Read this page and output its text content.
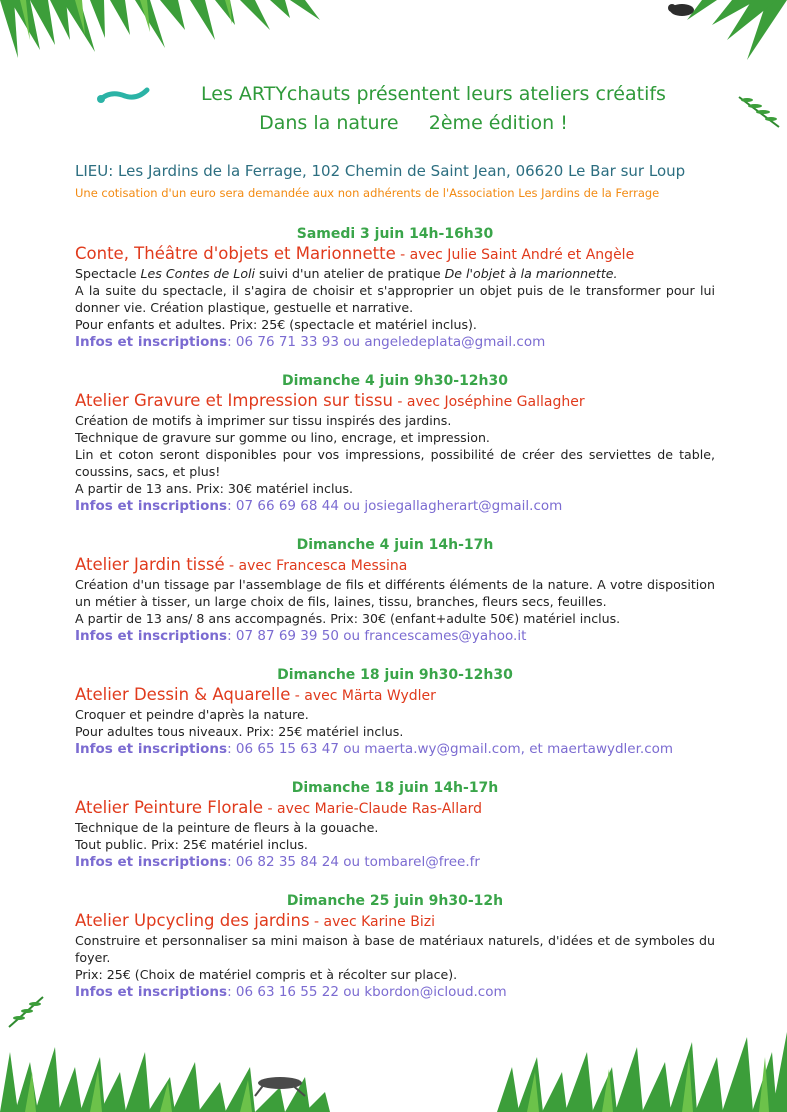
Les ARTYchauts présentent leurs ateliers créatifs
Dans la nature     2ème édition !
LIEU: Les Jardins de la Ferrage, 102 Chemin de Saint Jean, 06620 Le Bar sur Loup
Une cotisation d'un euro sera demandée aux non adhérents de l'Association Les Jardins de la Ferrage
Samedi 3 juin 14h-16h30
Conte, Théâtre d'objets et Marionnette - avec Julie Saint André et Angèle

Spectacle Les Contes de Loli suivi d'un atelier de pratique De l'objet à la marionnette.

A la suite du spectacle, il s'agira de choisir et s'approprier un objet puis de le transformer pour lui donner vie. Création plastique, gestuelle et narrative.

Pour enfants et adultes. Prix: 25€ (spectacle et matériel inclus).

Infos et inscriptions: 06 76 71 33 93 ou angeledeplata@gmail.com
Dimanche 4 juin 9h30-12h30
Atelier Gravure et Impression sur tissu - avec Joséphine Gallagher

Création de motifs à imprimer sur tissu inspirés des jardins.

Technique de gravure sur gomme ou lino, encrage, et impression.

Lin et coton seront disponibles pour vos impressions, possibilité de créer des serviettes de table, coussins, sacs, et plus!

A partir de 13 ans. Prix: 30€ matériel inclus.

Infos et inscriptions: 07 66 69 68 44 ou josiegallagherart@gmail.com
Dimanche 4 juin 14h-17h
Atelier Jardin tissé - avec Francesca Messina

Création d'un tissage par l'assemblage de fils et différents éléments de la nature. A votre disposition un métier à tisser, un large choix de fils, laines, tissu, branches, fleurs secs, feuilles.

A partir de 13 ans/ 8 ans accompagnés. Prix: 30€ (enfant+adulte 50€) matériel inclus.

Infos et inscriptions: 07 87 69 39 50 ou francescames@yahoo.it
Dimanche 18 juin 9h30-12h30
Atelier Dessin & Aquarelle - avec Märta Wydler

Croquer et peindre d'après la nature.

Pour adultes tous niveaux. Prix: 25€ matériel inclus.

Infos et inscriptions: 06 65 15 63 47 ou maerta.wy@gmail.com, et maertawydler.com
Dimanche 18 juin 14h-17h
Atelier Peinture Florale - avec Marie-Claude Ras-Allard

Technique de la peinture de fleurs à la gouache.

Tout public. Prix: 25€ matériel inclus.

Infos et inscriptions: 06 82 35 84 24 ou tombarel@free.fr
Dimanche 25 juin 9h30-12h
Atelier Upcycling des jardins - avec Karine Bizi

Construire et personnaliser sa mini maison à base de matériaux naturels, d'idées et de symboles du foyer.

Prix: 25€ (Choix de matériel compris et à récolter sur place).

Infos et inscriptions: 06 63 16 55 22 ou kbordon@icloud.com
